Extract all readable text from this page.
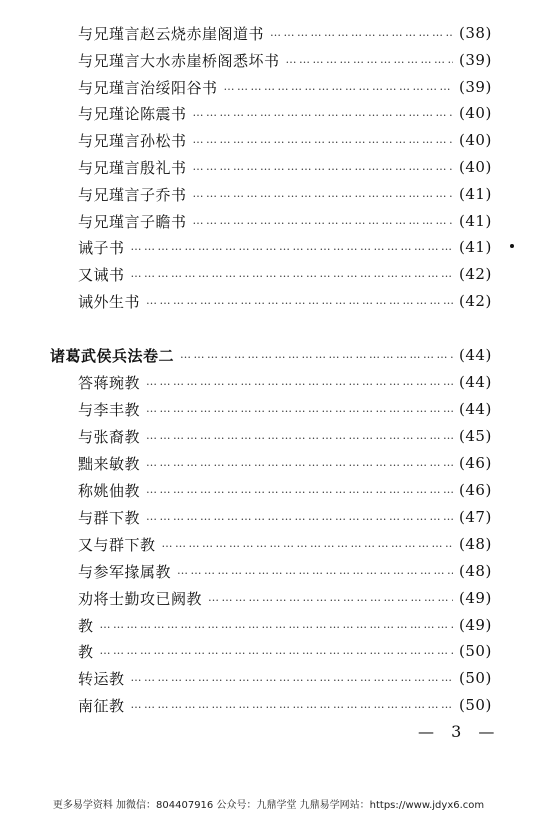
与兄瑾言赵云烧赤崖阁道书 ……………………………………………………………………………………………………………………………………	(38)
与兄瑾言大水赤崖桥阁悉坏书 ……………………………………………………………………………………………………………………………………	(39)
与兄瑾言治绥阳谷书 ……………………………………………………………………………………………………………………………………	(39)
与兄瑾论陈震书 ……………………………………………………………………………………………………………………………………	(40)
与兄瑾言孙松书 ……………………………………………………………………………………………………………………………………	(40)
与兄瑾言殷礼书 ……………………………………………………………………………………………………………………………………	(40)
与兄瑾言子乔书 ……………………………………………………………………………………………………………………………………	(41)
与兄瑾言子瞻书 ……………………………………………………………………………………………………………………………………	(41)
诫子书 ……………………………………………………………………………………………………………………………………	(41)
又诫书 ……………………………………………………………………………………………………………………………………	(42)
诫外生书 ……………………………………………………………………………………………………………………………………	(42)
诸葛武侯兵法卷二 ……………………………………………………………………………………………………………………………………	(44)
答蒋琬教 ……………………………………………………………………………………………………………………………………	(44)
与李丰教 ……………………………………………………………………………………………………………………………………	(44)
与张裔教 ……………………………………………………………………………………………………………………………………	(45)
黜来敏教 ……………………………………………………………………………………………………………………………………	(46)
称姚伷教 ……………………………………………………………………………………………………………………………………	(46)
与群下教 ……………………………………………………………………………………………………………………………………	(47)
又与群下教 ……………………………………………………………………………………………………………………………………	(48)
与参军掾属教 ……………………………………………………………………………………………………………………………………	(48)
劝将士勤攻已阙教 ……………………………………………………………………………………………………………………………………	(49)
教 ……………………………………………………………………………………………………………………………………	(49)
教 ……………………………………………………………………………………………………………………………………	(50)
转运教 ……………………………………………………………………………………………………………………………………	(50)
南征教 ……………………………………………………………………………………………………………………………………	(50)
— 3 —
更多易学资料 加微信：804407916 公众号：九鼎学堂 九鼎易学网站：https://www.jdyx6.com
